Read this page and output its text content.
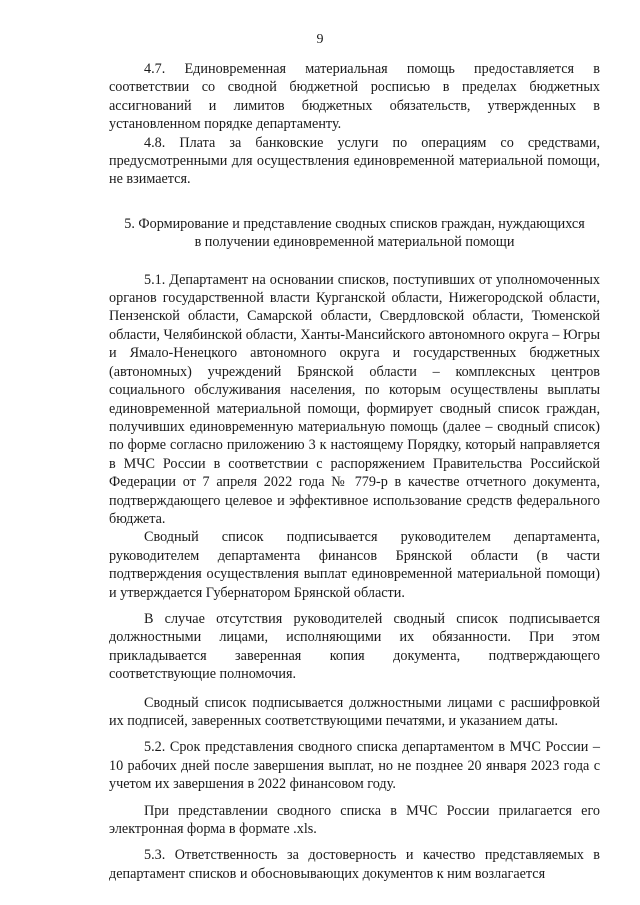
9

4.7. Единовременная материальная помощь предоставляется в соответствии со сводной бюджетной росписью в пределах бюджетных ассигнований и лимитов бюджетных обязательств, утвержденных в установленном порядке департаменту.

4.8. Плата за банковские услуги по операциям со средствами, предусмотренными для осуществления единовременной материальной помощи, не взимается.

5. Формирование и представление сводных списков граждан, нуждающихся
в получении единовременной материальной помощи

5.1. Департамент на основании списков, поступивших от уполномоченных органов государственной власти Курганской области, Нижегородской области, Пензенской области, Самарской области, Свердловской области, Тюменской области, Челябинской области, Ханты-Мансийского автономного округа – Югры и Ямало-Ненецкого автономного округа и государственных бюджетных (автономных) учреждений Брянской области – комплексных центров социального обслуживания населения, по которым осуществлены выплаты единовременной материальной помощи, формирует сводный список граждан, получивших единовременную материальную помощь (далее – сводный список) по форме согласно приложению 3 к настоящему Порядку, который направляется в МЧС России в соответствии с распоряжением Правительства Российской Федерации от 7 апреля 2022 года № 779-р в качестве отчетного документа, подтверждающего целевое и эффективное использование средств федерального бюджета.

Сводный список подписывается руководителем департамента, руководителем департамента финансов Брянской области (в части подтверждения осуществления выплат единовременной материальной помощи) и утверждается Губернатором Брянской области.

В случае отсутствия руководителей сводный список подписывается должностными лицами, исполняющими их обязанности. При этом прикладывается заверенная копия документа, подтверждающего соответствующие полномочия.

Сводный список подписывается должностными лицами с расшифровкой их подписей, заверенных соответствующими печатями, и указанием даты.

5.2. Срок представления сводного списка департаментом в МЧС России – 10 рабочих дней после завершения выплат, но не позднее 20 января 2023 года с учетом их завершения в 2022 финансовом году.

При представлении сводного списка в МЧС России прилагается его электронная форма в формате .xls.

5.3. Ответственность за достоверность и качество представляемых в департамент списков и обосновывающих документов к ним возлагается
